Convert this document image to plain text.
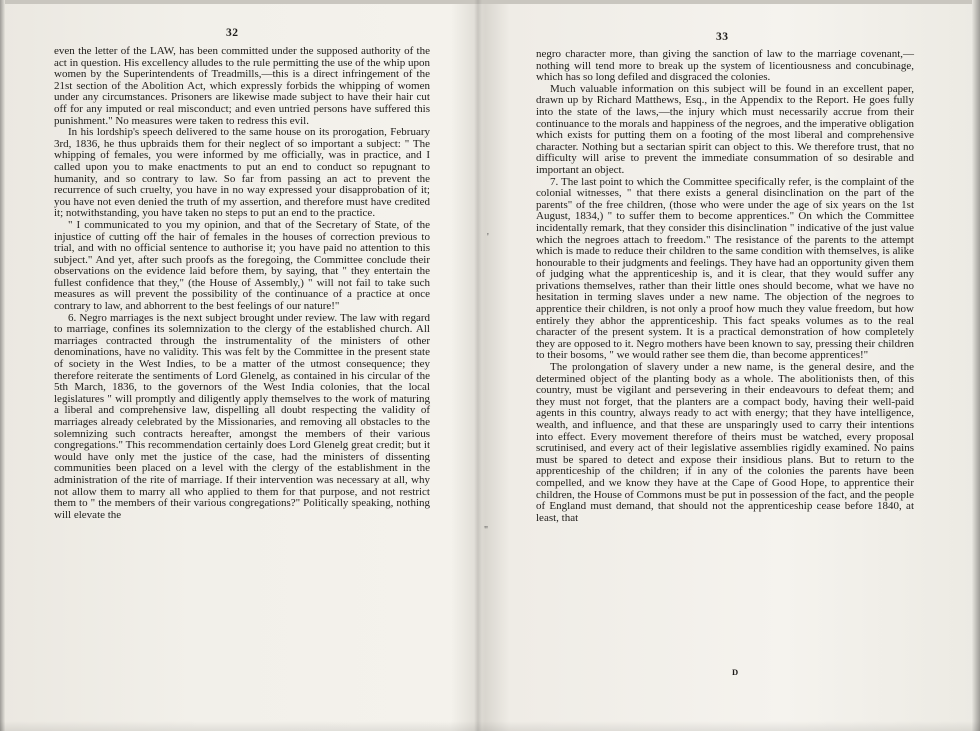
32

even the letter of the LAW, has been committed under the supposed authority of the act in question. His excellency alludes to the rule permitting the use of the whip upon women by the Superintendents of Treadmills,—this is a direct infringement of the 21st section of the Abolition Act, which expressly forbids the whipping of women under any circumstances. Prisoners are likewise made subject to have their hair cut off for any imputed or real misconduct; and even untried persons have suffered this punishment." No measures were taken to redress this evil.

In his lordship's speech delivered to the same house on its prorogation, February 3rd, 1836, he thus upbraids them for their neglect of so important a subject: " The whipping of females, you were informed by me officially, was in practice, and I called upon you to make enactments to put an end to conduct so repugnant to humanity, and so contrary to law. So far from passing an act to prevent the recurrence of such cruelty, you have in no way expressed your disapprobation of it; you have not even denied the truth of my assertion, and therefore must have credited it; notwithstanding, you have taken no steps to put an end to the practice.

" I communicated to you my opinion, and that of the Secretary of State, of the injustice of cutting off the hair of females in the houses of correction previous to trial, and with no official sentence to authorise it; you have paid no attention to this subject." And yet, after such proofs as the foregoing, the Committee conclude their observations on the evidence laid before them, by saying, that " they entertain the fullest confidence that they," (the House of Assembly,) " will not fail to take such measures as will prevent the possibility of the continuance of a practice at once contrary to law, and abhorrent to the best feelings of our nature!"

6. Negro marriages is the next subject brought under review. The law with regard to marriage, confines its solemnization to the clergy of the established church. All marriages contracted through the instrumentality of the ministers of other denominations, have no validity. This was felt by the Committee in the present state of society in the West Indies, to be a matter of the utmost consequence; they therefore reiterate the sentiments of Lord Glenelg, as contained in his circular of the 5th March, 1836, to the governors of the West India colonies, that the local legislatures " will promptly and diligently apply themselves to the work of maturing a liberal and comprehensive law, dispelling all doubt respecting the validity of marriages already celebrated by the Missionaries, and removing all obstacles to the solemnizing such contracts hereafter, amongst the members of their various congregations." This recommendation certainly does Lord Glenelg great credit; but it would have only met the justice of the case, had the ministers of dissenting communities been placed on a level with the clergy of the establishment in the administration of the rite of marriage. If their intervention was necessary at all, why not allow them to marry all who applied to them for that purpose, and not restrict them to " the members of their various congregations?" Politically speaking, nothing will elevate the

"
'
33

negro character more, than giving the sanction of law to the marriage covenant,—nothing will tend more to break up the system of licentiousness and concubinage, which has so long defiled and disgraced the colonies.

Much valuable information on this subject will be found in an excellent paper, drawn up by Richard Matthews, Esq., in the Appendix to the Report. He goes fully into the state of the laws,—the injury which must necessarily accrue from their continuance to the morals and happiness of the negroes, and the imperative obligation which exists for putting them on a footing of the most liberal and comprehensive character. Nothing but a sectarian spirit can object to this. We therefore trust, that no difficulty will arise to prevent the immediate consummation of so desirable and important an object.

7. The last point to which the Committee specifically refer, is the complaint of the colonial witnesses, " that there exists a general disinclination on the part of the parents" of the free children, (those who were under the age of six years on the 1st August, 1834,) " to suffer them to become apprentices." On which the Committee incidentally remark, that they consider this disinclination " indicative of the just value which the negroes attach to freedom." The resistance of the parents to the attempt which is made to reduce their children to the same condition with themselves, is alike honourable to their judgments and feelings. They have had an opportunity given them of judging what the apprenticeship is, and it is clear, that they would suffer any privations themselves, rather than their little ones should become, what we have no hesitation in terming slaves under a new name. The objection of the negroes to apprentice their children, is not only a proof how much they value freedom, but how entirely they abhor the apprenticeship. This fact speaks volumes as to the real character of the present system. It is a practical demonstration of how completely they are opposed to it. Negro mothers have been known to say, pressing their children to their bosoms, " we would rather see them die, than become apprentices!"

The prolongation of slavery under a new name, is the general desire, and the determined object of the planting body as a whole. The abolitionists then, of this country, must be vigilant and persevering in their endeavours to defeat them; and they must not forget, that the planters are a compact body, having their well-paid agents in this country, always ready to act with energy; that they have intelligence, wealth, and influence, and that these are unsparingly used to carry their intentions into effect. Every movement therefore of theirs must be watched, every proposal scrutinised, and every act of their legislative assemblies rigidly examined. No pains must be spared to detect and expose their insidious plans. But to return to the apprenticeship of the children; if in any of the colonies the parents have been compelled, and we know they have at the Cape of Good Hope, to apprentice their children, the House of Commons must be put in possession of the fact, and the people of England must demand, that should not the apprenticeship cease before 1840, at least, that

D
